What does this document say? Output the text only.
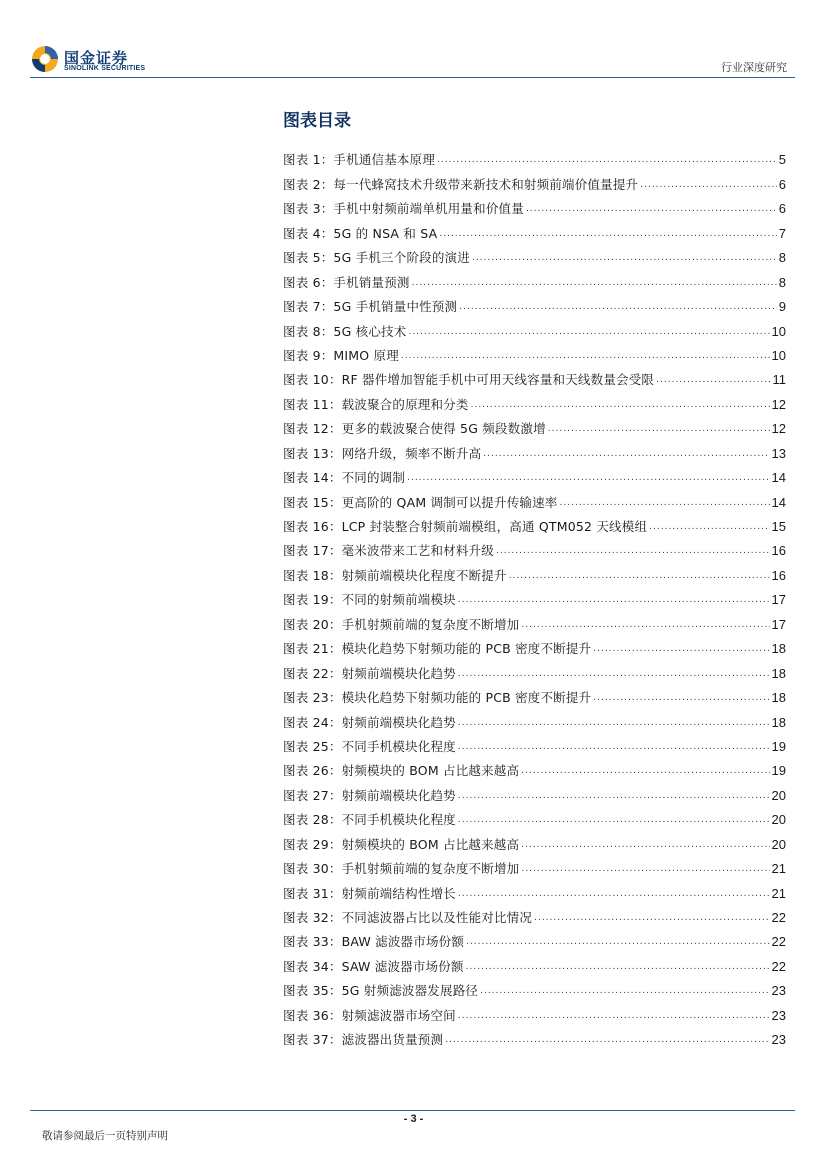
国金证券
SINOLINK SECURITIES	行业深度研究
图表目录
图表 1：手机通信基本原理 .....	5
图表 2：每一代蜂窝技术升级带来新技术和射频前端价值量提升 .....	6
图表 3：手机中射频前端单机用量和价值量 .....	6
图表 4：5G 的 NSA 和 SA .....	7
图表 5：5G 手机三个阶段的演进 .....	8
图表 6：手机销量预测 .....	8
图表 7：5G 手机销量中性预测 .....	9
图表 8：5G 核心技术 .....	10
图表 9：MIMO 原理 .....	10
图表 10：RF 器件增加智能手机中可用天线容量和天线数量会受限 .....	11
图表 11：载波聚合的原理和分类 .....	12
图表 12：更多的载波聚合使得 5G 频段数激增 .....	12
图表 13：网络升级，频率不断升高 .....	13
图表 14：不同的调制 .....	14
图表 15：更高阶的 QAM 调制可以提升传输速率 .....	14
图表 16：LCP 封装整合射频前端模组，高通 QTM052 天线模组 .....	15
图表 17：毫米波带来工艺和材料升级 .....	16
图表 18：射频前端模块化程度不断提升 .....	16
图表 19：不同的射频前端模块 .....	17
图表 20：手机射频前端的复杂度不断增加 .....	17
图表 21：模块化趋势下射频功能的 PCB 密度不断提升 .....	18
图表 22：射频前端模块化趋势 .....	18
图表 23：模块化趋势下射频功能的 PCB 密度不断提升 .....	18
图表 24：射频前端模块化趋势 .....	18
图表 25：不同手机模块化程度 .....	19
图表 26：射频模块的 BOM 占比越来越高 .....	19
图表 27：射频前端模块化趋势 .....	20
图表 28：不同手机模块化程度 .....	20
图表 29：射频模块的 BOM 占比越来越高 .....	20
图表 30：手机射频前端的复杂度不断增加 .....	21
图表 31：射频前端结构性增长 .....	21
图表 32：不同滤波器占比以及性能对比情况 .....	22
图表 33：BAW 滤波器市场份额 .....	22
图表 34：SAW 滤波器市场份额 .....	22
图表 35：5G 射频滤波器发展路径 .....	23
图表 36：射频滤波器市场空间 .....	23
图表 37：滤波器出货量预测 .....	23
- 3 -
敬请参阅最后一页特别声明
